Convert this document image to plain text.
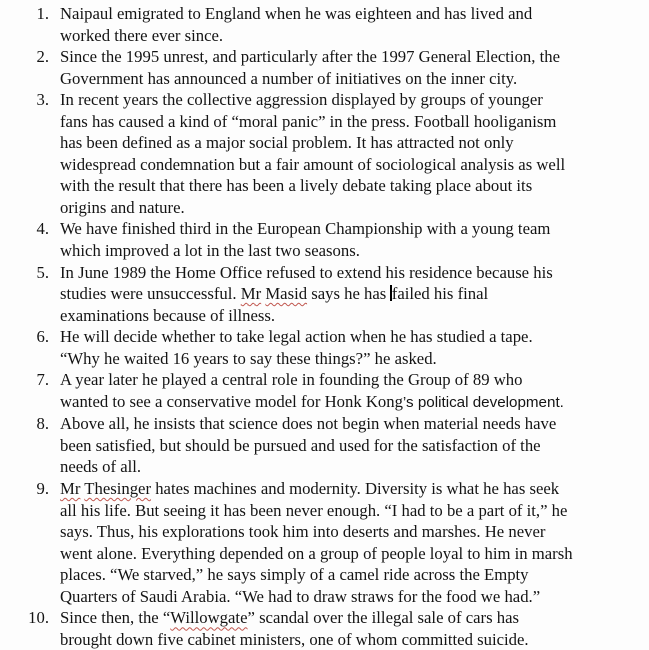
1. Naipaul emigrated to England when he was eighteen and has lived and
worked there ever since.
2. Since the 1995 unrest, and particularly after the 1997 General Election, the
Government has announced a number of initiatives on the inner city.
3. In recent years the collective aggression displayed by groups of younger
fans has caused a kind of “moral panic” in the press. Football hooliganism
has been defined as a major social problem. It has attracted not only
widespread condemnation but a fair amount of sociological analysis as well
with the result that there has been a lively debate taking place about its
origins and nature.
4. We have finished third in the European Championship with a young team
which improved a lot in the last two seasons.
5. In June 1989 the Home Office refused to extend his residence because his
studies were unsuccessful. Mr Masid says he has failed his final
examinations because of illness.
6. He will decide whether to take legal action when he has studied a tape.
“Why he waited 16 years to say these things?” he asked.
7. A year later he played a central role in founding the Group of 89 who
wanted to see a conservative model for Honk Kong’s political development.
8. Above all, he insists that science does not begin when material needs have
been satisfied, but should be pursued and used for the satisfaction of the
needs of all.
9. Mr Thesinger hates machines and modernity. Diversity is what he has seek
all his life. But seeing it has been never enough. “I had to be a part of it,” he
says. Thus, his explorations took him into deserts and marshes. He never
went alone. Everything depended on a group of people loyal to him in marsh
places. “We starved,” he says simply of a camel ride across the Empty
Quarters of Saudi Arabia. “We had to draw straws for the food we had.”
10. Since then, the “Willowgate” scandal over the illegal sale of cars has
brought down five cabinet ministers, one of whom committed suicide.
